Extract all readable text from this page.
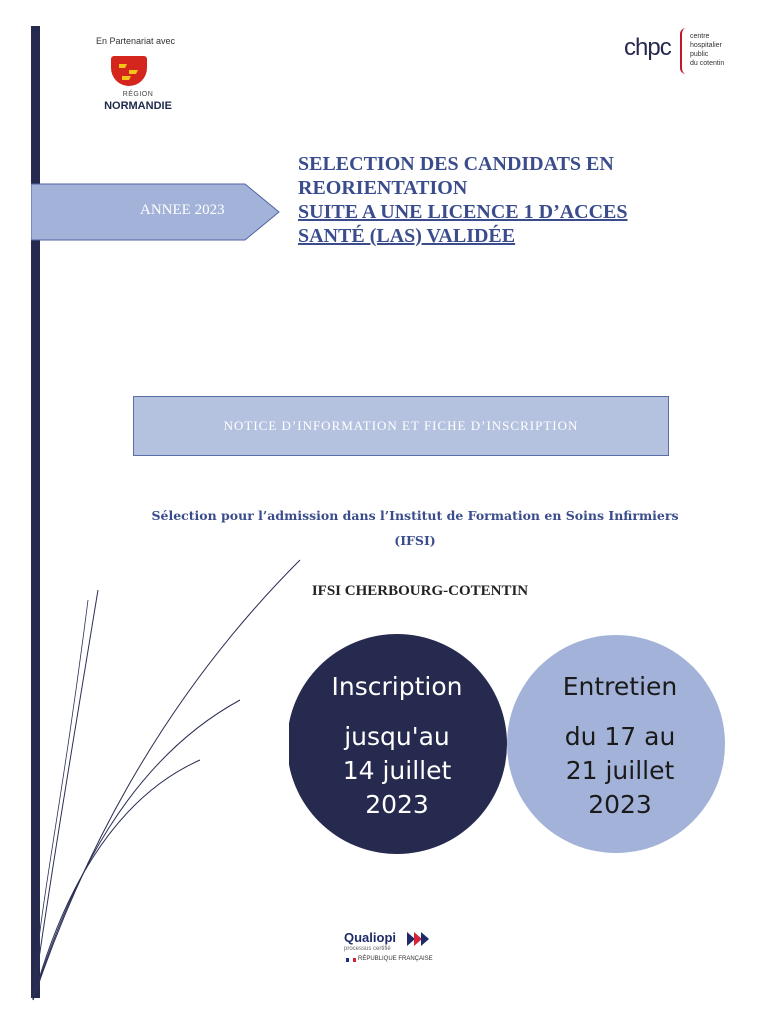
En Partenariat avec
RÉGION
NORMANDIE
chpc	centre
hospitalier
public
du cotentin
ANNEE 2023
SELECTION DES CANDIDATS EN
REORIENTATION
SUITE A UNE LICENCE 1 D’ACCES
SANTÉ (LAS) VALIDÉE
NOTICE D’INFORMATION ET FICHE D’INSCRIPTION
Sélection pour l’admission dans l’Institut de Formation en Soins Infirmiers
(IFSI)
IFSI CHERBOURG-COTENTIN
Inscription
jusqu'au
14 juillet
2023
Entretien
du 17 au
21 juillet
2023
Qualiopi
processus certifié
RÉPUBLIQUE FRANÇAISE
